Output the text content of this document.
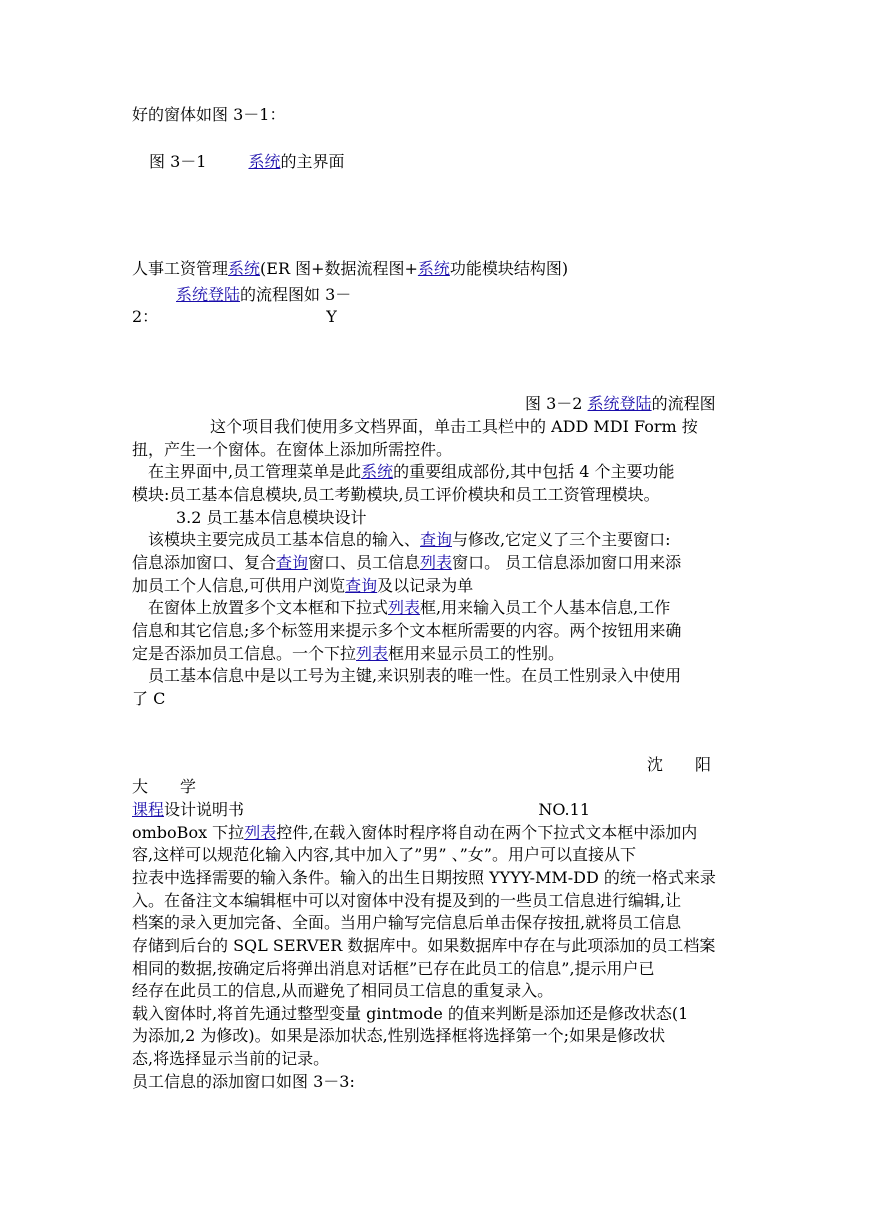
好的窗体如图 3－1：
图 3－1	系统的主界面
人事工资管理系统(ER 图+数据流程图+系统功能模块结构图)
系统登陆的流程图如 3－
2：	Y
图 3－2 系统登陆的流程图
这个项目我们使用多文档界面，单击工具栏中的 ADD MDI Form 按
扭，产生一个窗体。在窗体上添加所需控件。
在主界面中,员工管理菜单是此系统的重要组成部份,其中包括 4 个主要功能
模块:员工基本信息模块,员工考勤模块,员工评价模块和员工工资管理模块。
3.2 员工基本信息模块设计
该模块主要完成员工基本信息的输入、查询与修改,它定义了三个主要窗口:
信息添加窗口、复合查询窗口、员工信息列表窗口。 员工信息添加窗口用来添
加员工个人信息,可供用户浏览查询及以记录为单
在窗体上放置多个文本框和下拉式列表框,用来输入员工个人基本信息,工作
信息和其它信息;多个标签用来提示多个文本框所需要的内容。两个按钮用来确
定是否添加员工信息。一个下拉列表框用来显示员工的性别。
员工基本信息中是以工号为主键,来识别表的唯一性。在员工性别录入中使用
了 C
沈　　阳
大　　学
课程设计说明书	NO.11
omboBox 下拉列表控件,在载入窗体时程序将自动在两个下拉式文本框中添加内
容,这样可以规范化输入内容,其中加入了”男” 、”女”。用户可以直接从下
拉表中选择需要的输入条件。输入的出生日期按照 YYYY-MM-DD 的统一格式来录
入。在备注文本编辑框中可以对窗体中没有提及到的一些员工信息进行编辑,让
档案的录入更加完备、全面。当用户输写完信息后单击保存按扭,就将员工信息
存储到后台的 SQL SERVER 数据库中。如果数据库中存在与此项添加的员工档案
相同的数据,按确定后将弹出消息对话框”已存在此员工的信息”,提示用户已
经存在此员工的信息,从而避免了相同员工信息的重复录入。
载入窗体时,将首先通过整型变量 gintmode 的值来判断是添加还是修改状态(1
为添加,2 为修改)。如果是添加状态,性别选择框将选择第一个;如果是修改状
态,将选择显示当前的记录。
员工信息的添加窗口如图 3－3:
